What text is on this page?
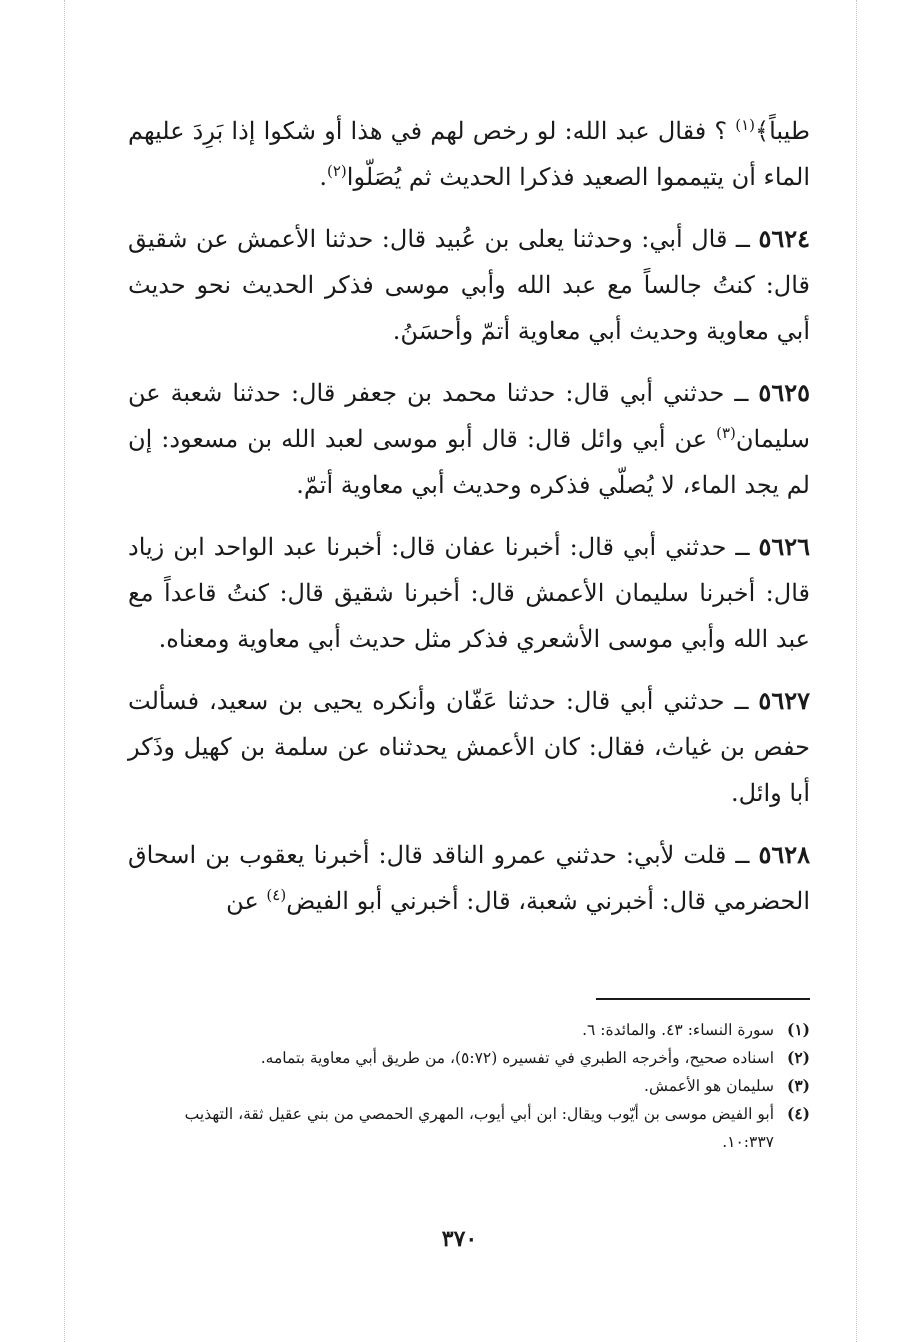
طيباً﴾$^{(١)}$ ؟ فقال عبد الله: لو رخص لهم في هذا أو شكوا إذا بَرِدَ عليهم الماء أن يتيمموا الصعيد فذكرا الحديث ثم يُصَلّوا$^{(٢)}$.

٥٦٢٤ ــ قال أبي: وحدثنا يعلى بن عُبيد قال: حدثنا الأعمش عن شقيق قال: كنتُ جالساً مع عبد الله وأبي موسى فذكر الحديث نحو حديث أبي معاوية وحديث أبي معاوية أتمّ وأحسَنُ.

٥٦٢٥ ــ حدثني أبي قال: حدثنا محمد بن جعفر قال: حدثنا شعبة عن سليمان$^{(٣)}$ عن أبي وائل قال: قال أبو موسى لعبد الله بن مسعود: إن لم يجد الماء، لا يُصلّي فذكره وحديث أبي معاوية أتمّ.

٥٦٢٦ ــ حدثني أبي قال: أخبرنا عفان قال: أخبرنا عبد الواحد ابن زياد قال: أخبرنا سليمان الأعمش قال: أخبرنا شقيق قال: كنتُ قاعداً مع عبد الله وأبي موسى الأشعري فذكر مثل حديث أبي معاوية ومعناه.

٥٦٢٧ ــ حدثني أبي قال: حدثنا عَفّان وأنكره يحيى بن سعيد، فسألت حفص بن غياث، فقال: كان الأعمش يحدثناه عن سلمة بن كهيل وذَكر أبا وائل.

٥٦٢٨ ــ قلت لأبي: حدثني عمرو الناقد قال: أخبرنا يعقوب بن اسحاق الحضرمي قال: أخبرني شعبة، قال: أخبرني أبو الفيض$^{(٤)}$ عن

(١)
سورة النساء: ٤٣. والمائدة: ٦.

(٢)
اسناده صحيح، وأخرجه الطبري في تفسيره (٥:٧٢)، من طريق أبي معاوية بتمامه.

(٣)
سليمان هو الأعمش.

(٤)
أبو الفيض موسى بن أيّوب ويقال: ابن أبي أيوب، المهري الحمصي من بني عقيل ثقة، التهذيب ١٠:٣٣٧.

٣٧٠
